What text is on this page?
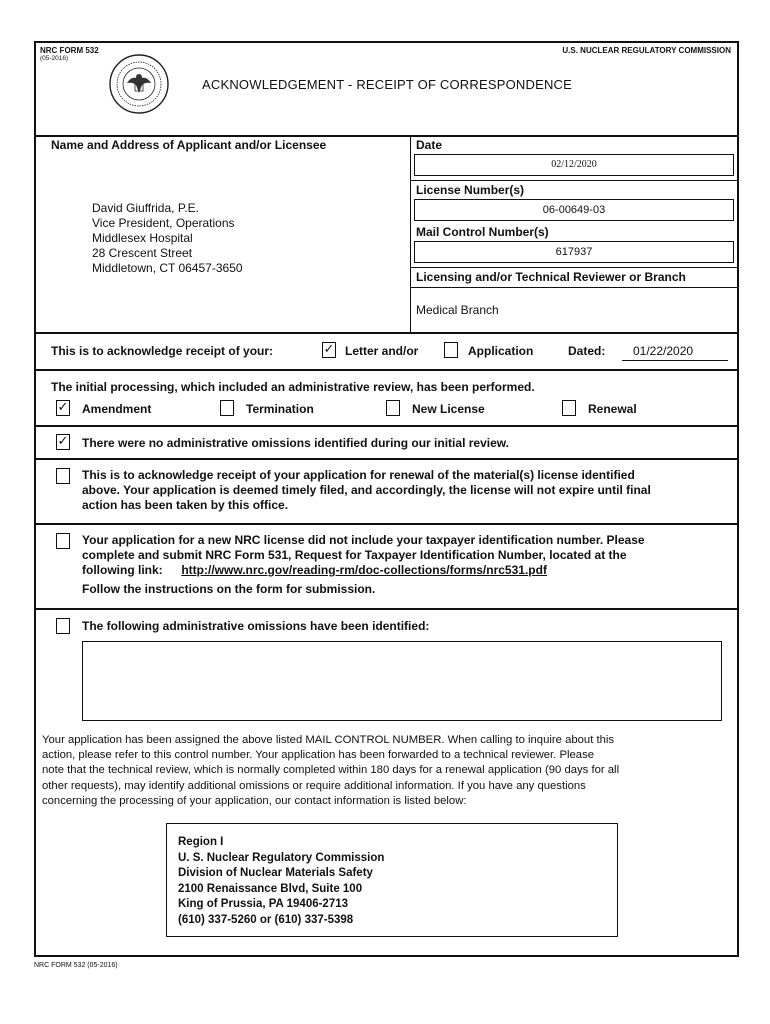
NRC FORM 532
(05-2016)
U.S. NUCLEAR REGULATORY COMMISSION
ACKNOWLEDGEMENT - RECEIPT OF CORRESPONDENCE
Name and Address of Applicant and/or Licensee
David Giuffrida, P.E.
Vice President, Operations
Middlesex Hospital
28 Crescent Street
Middletown, CT 06457-3650
Date
02/12/2020
License Number(s)
06-00649-03
Mail Control Number(s)
617937
Licensing and/or Technical Reviewer or Branch
Medical Branch
This is to acknowledge receipt of your:	✓ Letter and/or	Application	Dated: 01/22/2020
The initial processing, which included an administrative review, has been performed.
✓ Amendment	Termination	New License	Renewal
✓ There were no administrative omissions identified during our initial review.
This is to acknowledge receipt of your application for renewal of the material(s) license identified
above. Your application is deemed timely filed, and accordingly, the license will not expire until final
action has been taken by this office.
Your application for a new NRC license did not include your taxpayer identification number. Please
complete and submit NRC Form 531, Request for Taxpayer Identification Number, located at the
following link: http://www.nrc.gov/reading-rm/doc-collections/forms/nrc531.pdf
Follow the instructions on the form for submission.
The following administrative omissions have been identified:
Your application has been assigned the above listed MAIL CONTROL NUMBER. When calling to inquire about this
action, please refer to this control number. Your application has been forwarded to a technical reviewer. Please
note that the technical review, which is normally completed within 180 days for a renewal application (90 days for all
other requests), may identify additional omissions or require additional information. If you have any questions
concerning the processing of your application, our contact information is listed below:
Region I
U. S. Nuclear Regulatory Commission
Division of Nuclear Materials Safety
2100 Renaissance Blvd, Suite 100
King of Prussia, PA 19406-2713
(610) 337-5260 or (610) 337-5398
NRC FORM 532 (05-2016)
